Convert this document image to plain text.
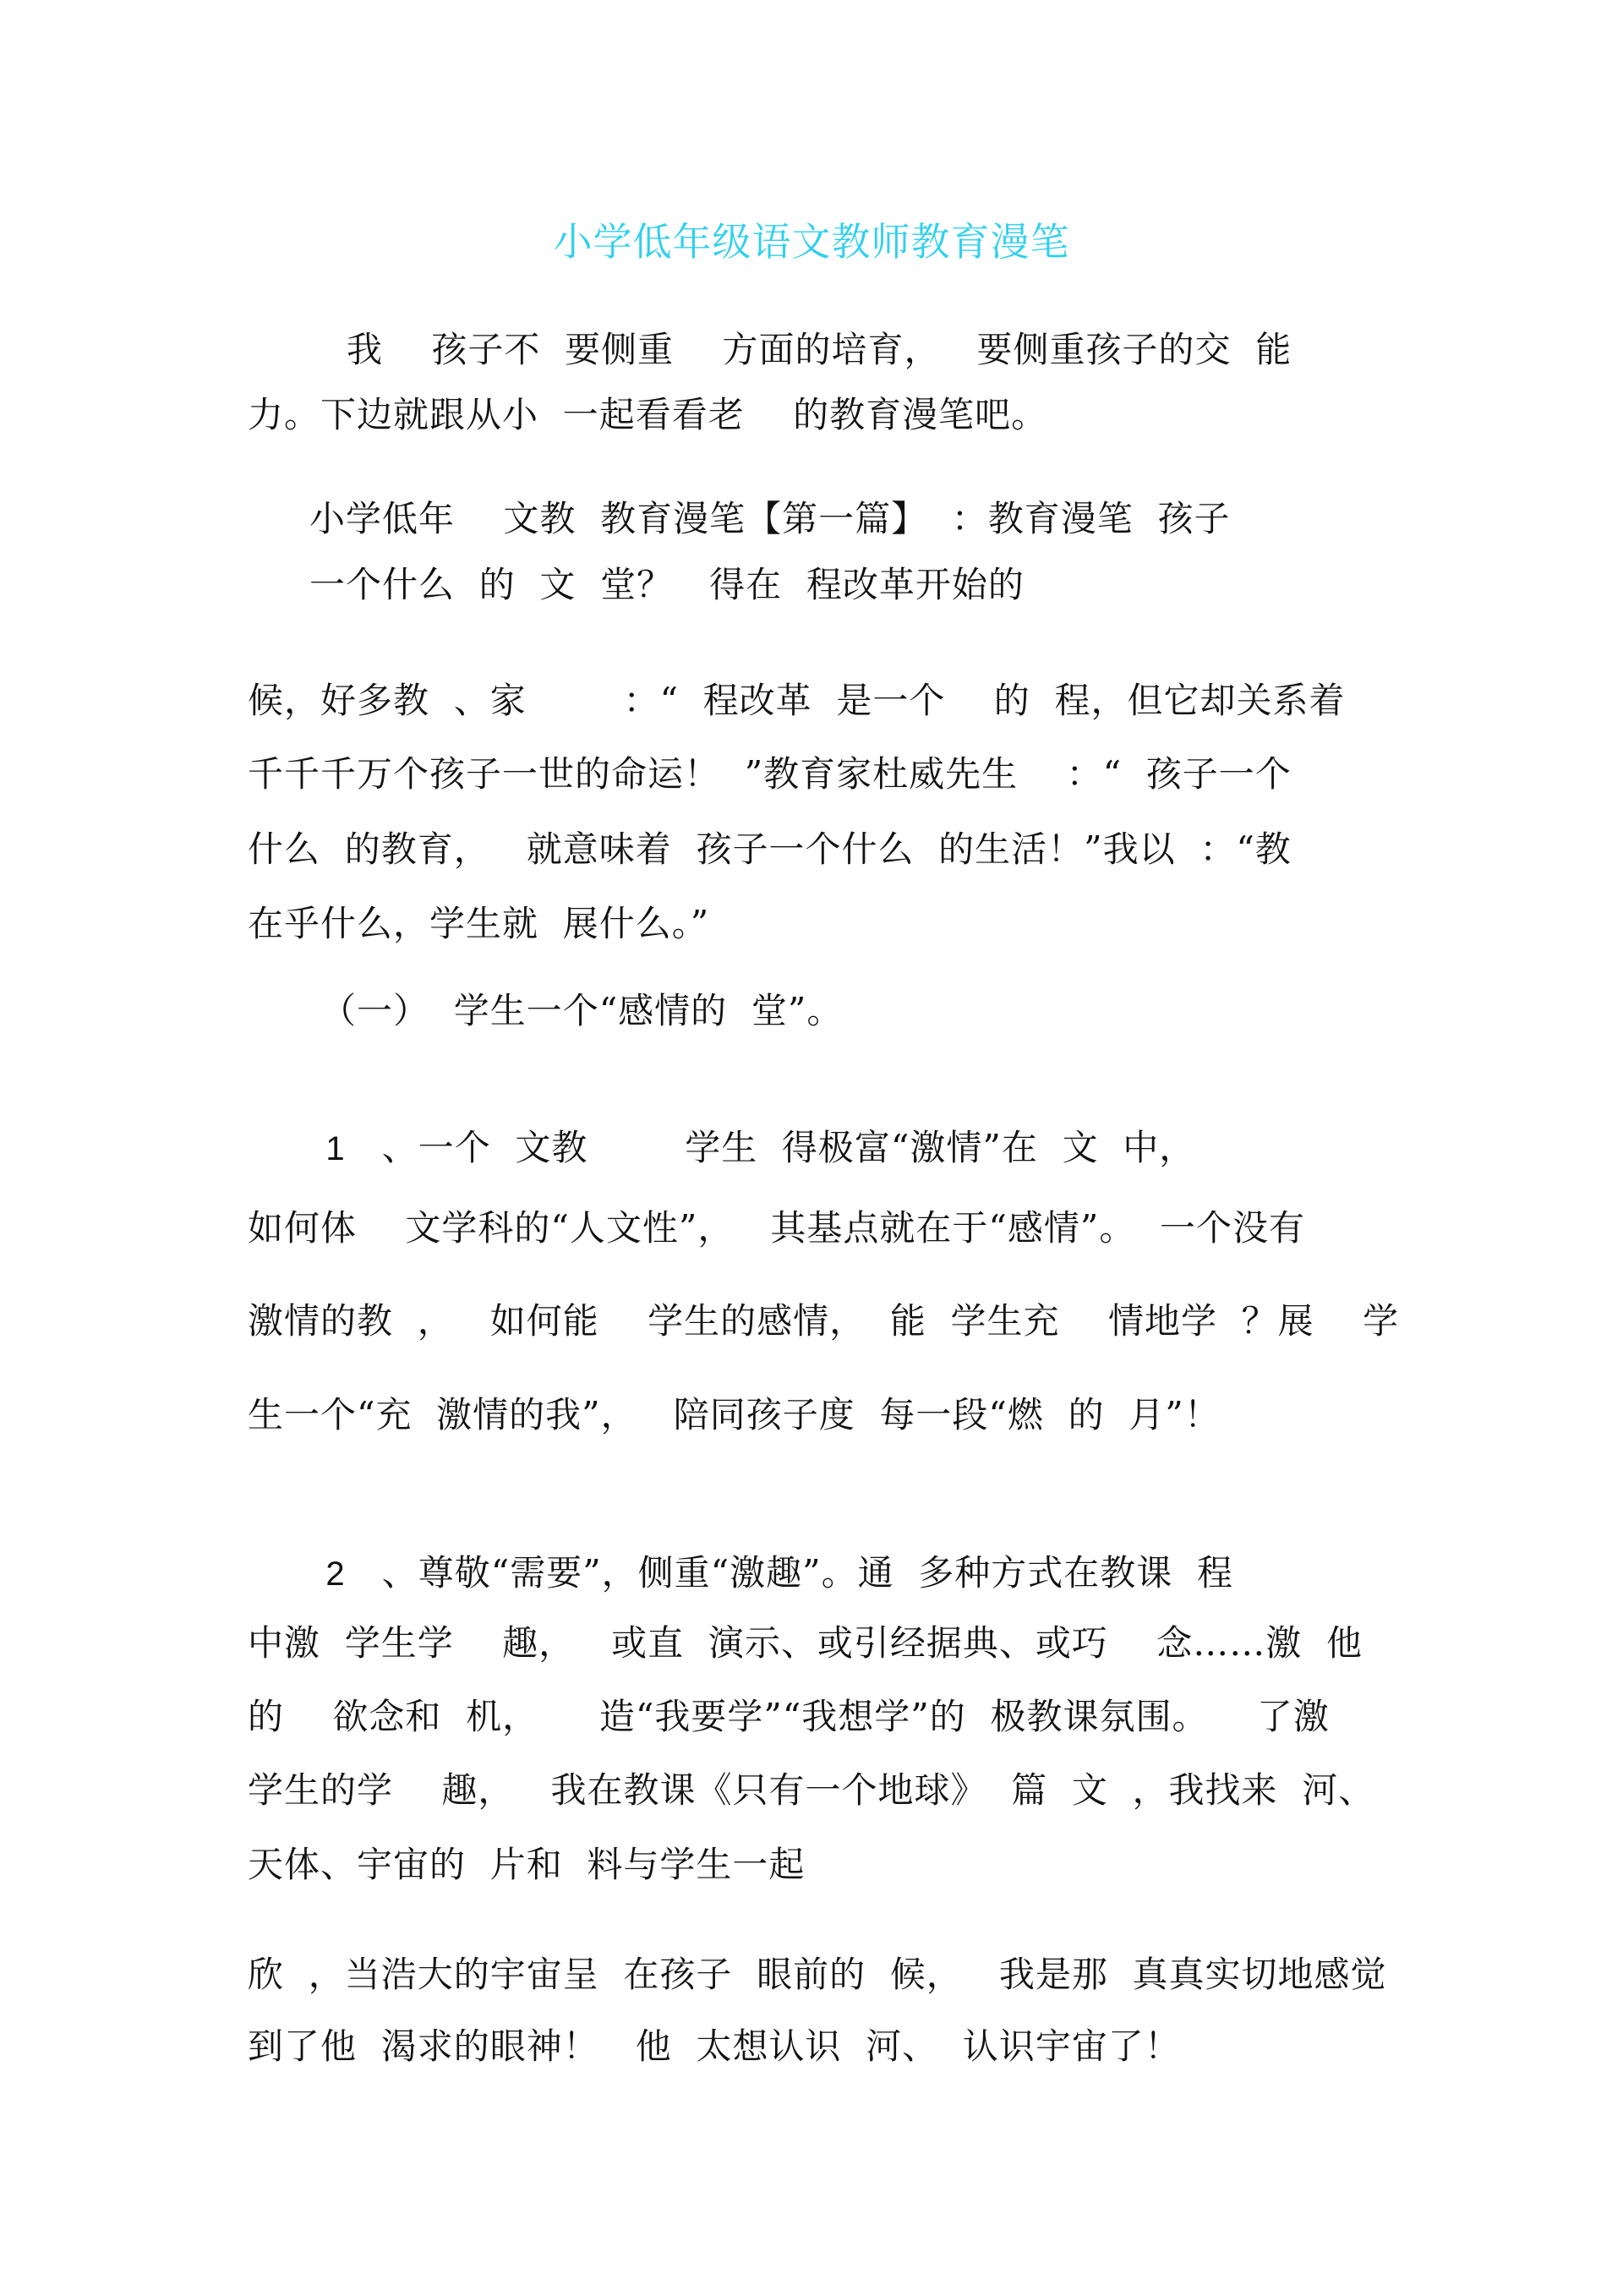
小学低年级语文教师教育漫笔
我    孩子不  要侧重    方面的培育，   要侧重孩子的交  能
力。下边就跟从小  一起看看老    的教育漫笔吧。
小学低年    文教  教育漫笔【第一篇】  ：教育漫笔  孩子
一个什么  的  文  堂？   得在  程改革开始的
候，好多教  、家        ：“  程改革  是一个    的  程，但它却关系着
千千千万个孩子一世的命运！  ”教育家杜威先生    ：“  孩子一个
什么  的教育，   就意味着  孩子一个什么  的生活！”我以  ：“教
在乎什么，学生就  展什么。”
（一）  学生一个“感情的  堂”。

1 、一个  文教        学生  得极富“激情”在  文  中，

如何体    文学科的“人文性”，   其基点就在于“感情”。  一个没有
激情的教  ，   如何能    学生的感情，  能  学生充    情地学  ？展    学
生一个“充  激情的我”，   陪同孩子度  每一段“燃  的  月”！

2 、尊敬“需要”，侧重“激趣”。通  多种方式在教课  程

中激  学生学    趣，   或直  演示、或引经据典、或巧    念……激  他
的    欲念和  机，     造“我要学”“我想学”的  极教课氛围。    了激
学生的学    趣，   我在教课《只有一个地球》  篇  文  ，我找来  河、
天体、宇宙的  片和  料与学生一起
欣  ，当浩大的宇宙呈  在孩子  眼前的  候，   我是那  真真实切地感觉
到了他  渴求的眼神！   他  太想认识  河、  认识宇宙了！
